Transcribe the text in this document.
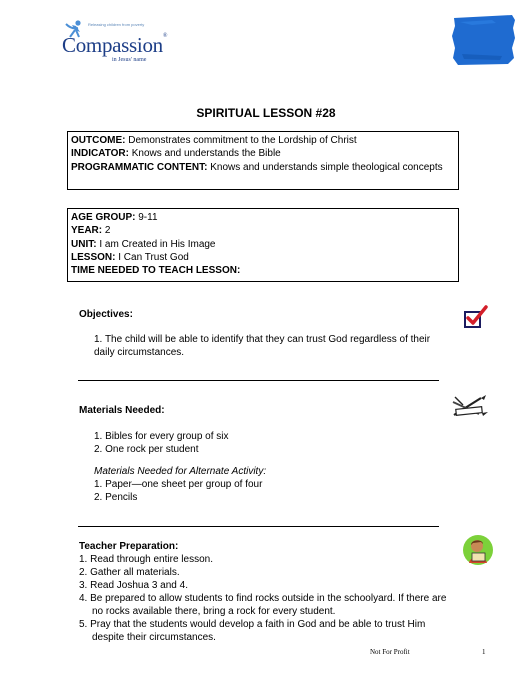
Releasing children from poverty
Compassion®
in Jesus' name
SPIRITUAL LESSON #28
OUTCOME: Demonstrates commitment to the Lordship of Christ
INDICATOR: Knows and understands the Bible
PROGRAMMATIC CONTENT: Knows and understands simple theological concepts
AGE GROUP: 9-11
YEAR: 2
UNIT: I am Created in His Image
LESSON: I Can Trust God
TIME NEEDED TO TEACH LESSON:
Objectives:
1. The child will be able to identify that they can trust God regardless of their daily circumstances.
Materials Needed:
1. Bibles for every group of six
2. One rock per student
Materials Needed for Alternate Activity:
1. Paper—one sheet per group of four
2. Pencils
Teacher Preparation:
1. Read through entire lesson.
2. Gather all materials.
3. Read Joshua 3 and 4.
4. Be prepared to allow students to find rocks outside in the schoolyard. If there are no rocks available there, bring a rock for every student.
5. Pray that the students would develop a faith in God and be able to trust Him despite their circumstances.
Not For Profit	1
